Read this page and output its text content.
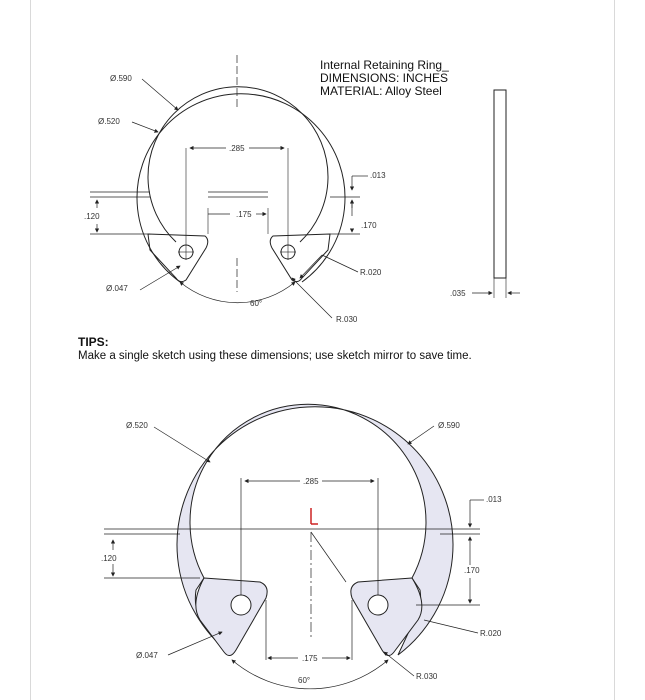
Internal Retaining Ring_
DIMENSIONS: INCHES
MATERIAL: Alloy Steel
Ø.590
Ø.520
.285
.013
.120	.175
.170
Ø.047
R.020
60°
R.030
.035
Ø.520	Ø.590
.285
.013
.120
.170
R.020
Ø.047	.175
60°	R.030
TIPS:
Make a single sketch using these dimensions; use sketch mirror to save time.
